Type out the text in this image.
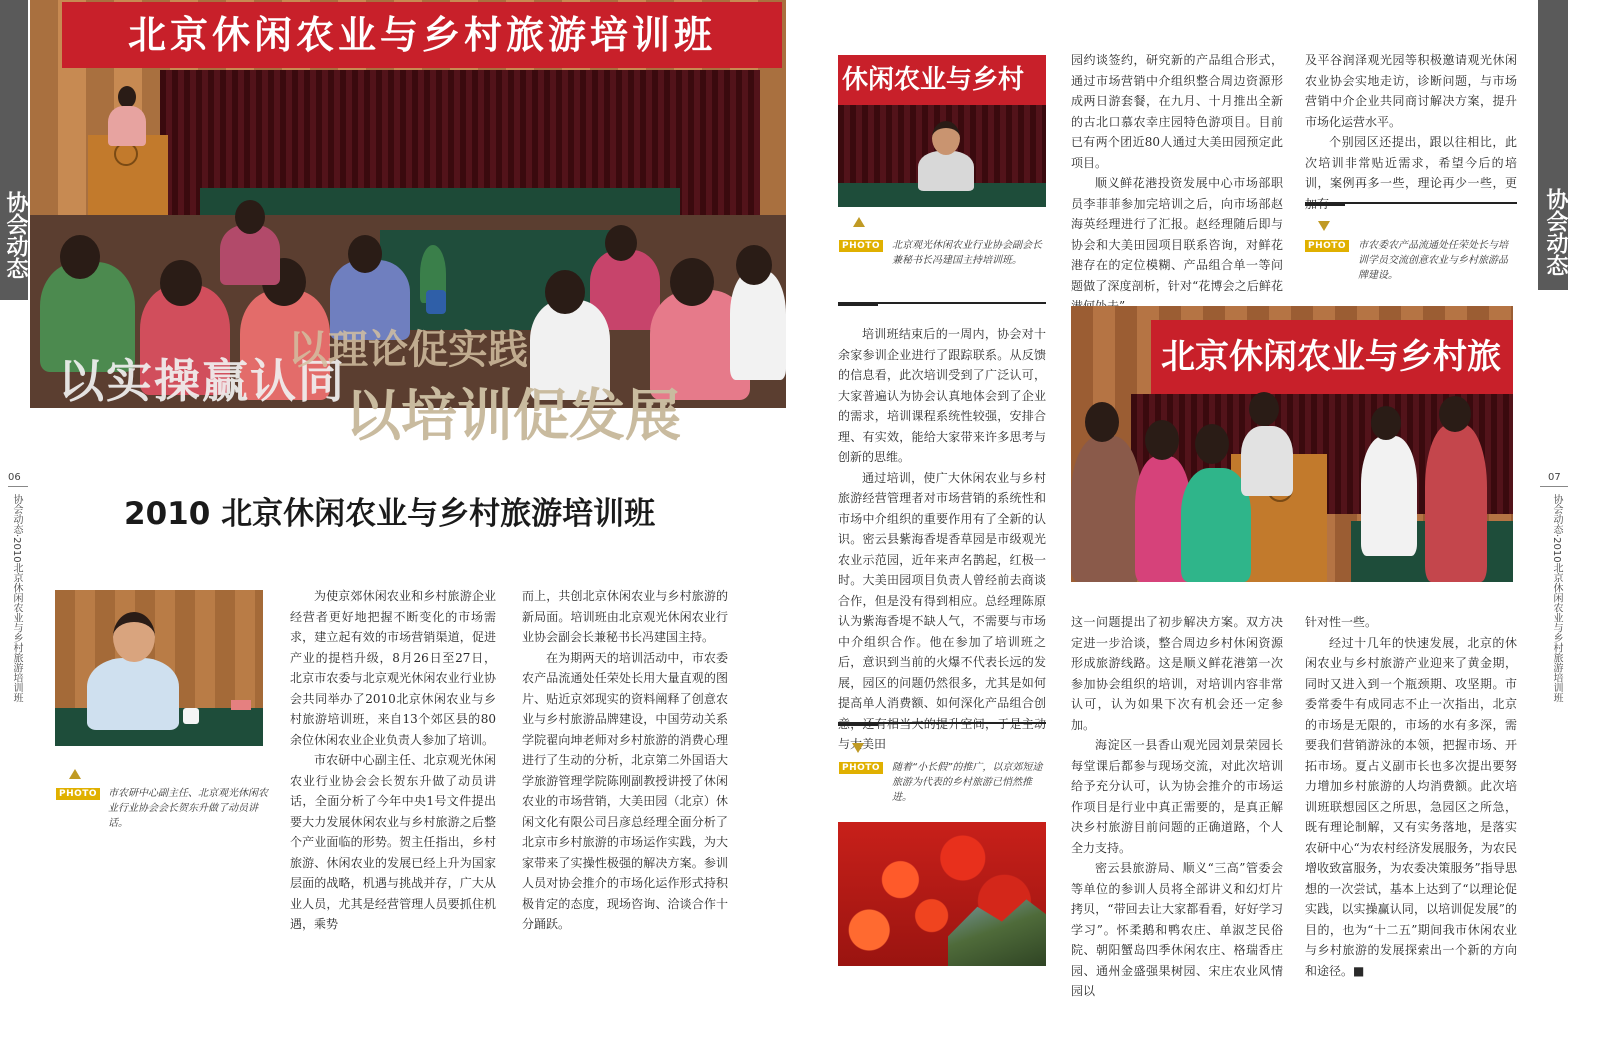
北京休闲农业与乡村旅游培训班
以实操赢认同
以理论促实践
以培训促发展
协会动态
06
协会动态·2010北京休闲农业与乡村旅游培训班	2010 北京休闲农业与乡村旅游培训班
PHOTO	市农研中心副主任、北京观光休闲农业行业协会会长贺东升做了动员讲话。

为使京郊休闲农业和乡村旅游企业经营者更好地把握不断变化的市场需求，建立起有效的市场营销渠道，促进产业的提档升级，8月26日至27日，北京市农委与北京观光休闲农业行业协会共同举办了2010北京休闲农业与乡村旅游培训班，来自13个郊区县的80余位休闲农业企业负责人参加了培训。

市农研中心副主任、北京观光休闲农业行业协会会长贺东升做了动员讲话，全面分析了今年中央1号文件提出要大力发展休闲农业与乡村旅游之后整个产业面临的形势。贺主任指出，乡村旅游、休闲农业的发展已经上升为国家层面的战略，机遇与挑战并存，广大从业人员，尤其是经营管理人员要抓住机遇，乘势

而上，共创北京休闲农业与乡村旅游的新局面。培训班由北京观光休闲农业行业协会副会长兼秘书长冯建国主持。

在为期两天的培训活动中，市农委农产品流通处任荣处长用大量直观的图片、贴近京郊现实的资料阐释了创意农业与乡村旅游品牌建设，中国劳动关系学院翟向坤老师对乡村旅游的消费心理进行了生动的分析，北京第二外国语大学旅游管理学院陈刚副教授讲授了休闲农业的市场营销，大美田园（北京）休闲文化有限公司吕彦总经理全面分析了北京市乡村旅游的市场运作实践，为大家带来了实操性极强的解决方案。参训人员对协会推介的市场化运作形式持积极肯定的态度，现场咨询、洽谈合作十分踊跃。

协会动态
07
协会动态·2010北京休闲农业与乡村旅游培训班
休闲农业与乡村
PHOTO	北京观光休闲农业行业协会副会长兼秘书长冯建国主持培训班。

园约谈签约，研究新的产品组合形式，通过市场营销中介组织整合周边资源形成两日游套餐，在九月、十月推出全新的古北口慕农幸庄园特色游项目。目前已有两个团近80人通过大美田园预定此项目。

顺义鲜花港投资发展中心市场部职员李菲菲参加完培训之后，向市场部赵海英经理进行了汇报。赵经理随后即与协会和大美田园项目联系咨询，对鲜花港存在的定位模糊、产品组合单一等问题做了深度剖析，针对“花博会之后鲜花

及平谷润泽观光园等积极邀请观光休闲农业协会实地走访，诊断问题，与市场营销中介企业共同商讨解决方案，提升市场化运营水平。

个别园区还提出，跟以往相比，此次培训非常贴近需求，希望今后的培训，案例再多一些，理论再少一些，更

PHOTO	市农委农产品流通处任荣处长与培训学员交流创意农业与乡村旅游品牌建设。

培训班结束后的一周内，协会对十余家参训企业进行了跟踪联系。从反馈的信息看，此次培训受到了广泛认可，大家普遍认为协会认真地体会到了企业的需求，培训课程系统性较强，安排合理、有实效，能给大家带来许多思考与创新的思维。

通过培训，使广大休闲农业与乡村旅游经营管理者对市场营销的系统性和市场中介组织的重要作用有了全新的认识。密云县紫海香堤香草园是市级观光农业示范园，近年来声名鹊起，红极一时。大美田园项目负责人曾经前去商谈合作，但是没有得到相应。总经理陈原认为紫海香堤不缺人气，不需要与市场中介组织合作。他在参加了培训班之后，意识到当前的火爆不代表长远的发展，园区的问题仍然很多，尤其是如何提高单人消费额、如何深化产品组合创 与大美田

北京休闲农业与乡村旅

这一问题提出了初步解决方案。双方决定进一步洽谈，整合周边乡村休闲资源形成旅游线路。这是顺义鲜花港第一次参加协会组织的培训，对培训内容非常认可，认为如果下次有机会还一定参加。

海淀区一县香山观光园刘景荣园长每堂课后都参与现场交流，对此次培训给予充分认可，认为协会推介的市场运作项目是行业中真正需要的，是真正解决乡村旅游目前问题的正确道路，个人全力支持。

密云县旅游局、顺义“三高”管委会等单位的参训人员将全部讲义和幻灯片拷贝，“带回去让大家都看看，好好学习学习”。怀柔鹅和鸭农庄、单淑芝民俗院、朝阳蟹岛四季休闲农庄、格瑞香庄园、通州金盛强果树园、宋庄农业风情园以

针对性一些。

经过十几年的快速发展，北京的休闲农业与乡村旅游产业迎来了黄金期，同时又进入到一个瓶颈期、攻坚期。市委常委牛有成同志不止一次指出，北京的市场是无限的，市场的水有多深，需要我们营销游泳的本领，把握市场、开拓市场。夏占义副市长也多次提出要努力增加乡村旅游的人均消费额。此次培训班联想园区之所思，急园区之所急，既有理论制解，又有实务落地，是落实农研中心“为农村经济发展服务，为农民增收致富服务，为农委决策服务”指导思想的一次尝试，基本上达到了“以理论促实践，以实操赢认同，以培训促发展”的目的，也为“十二五”期间我市休闲农业与乡村旅游的发展探索出一个新的方向和途径。■

PHOTO	随着“小长假”的推广，以京郊短途旅游为代表的乡村旅游已悄然推进。
